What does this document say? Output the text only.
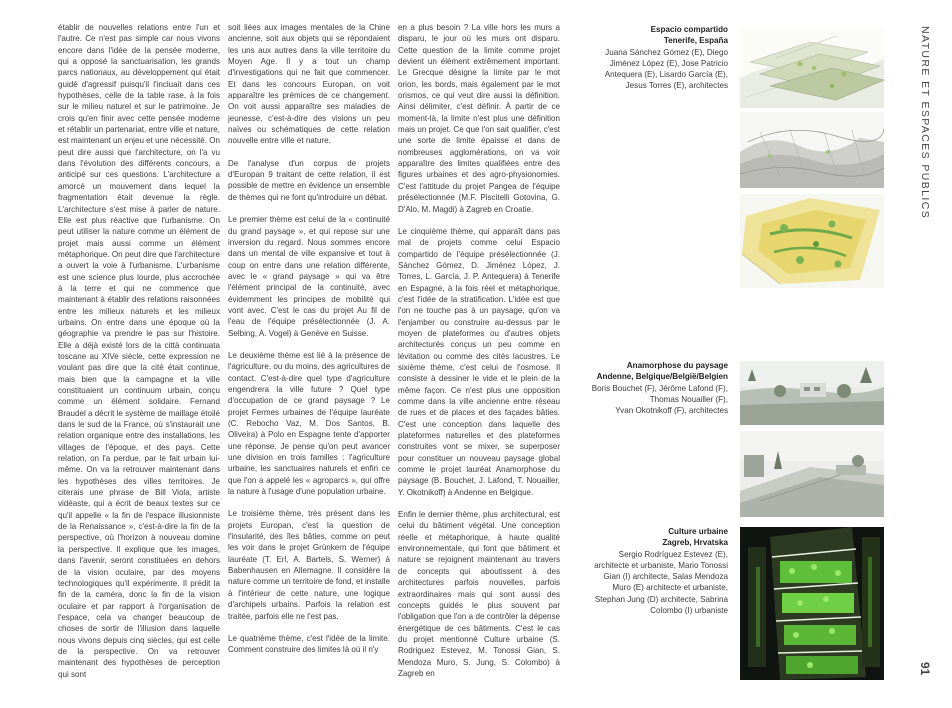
établir de nouvelles relations entre l'un et l'autre. Ce n'est pas simple car nous vivons encore dans l'idée de la pensée moderne, qui a opposé la sanctuarisation, les grands parcs nationaux, au développement qui était guidé d'agressif puisqu'il l'incluait dans ces hypothèses, celle de la table rase, à la fois sur le milieu naturel et sur le patrimoine. Je crois qu'en finir avec cette pensée moderne et rétablir un partenariat, entre ville et nature, est maintenant un enjeu et une nécessité. On peut dire aussi que l'architecture, on l'a vu dans l'évolution des différents concours, a anticipé sur ces questions. L'architecture a amorcé un mouvement dans lequel la fragmentation était devenue la règle. L'architecture s'est mise à parler de nature. Elle est plus réactive que l'urbanisme. On peut utiliser la nature comme un élément de projet mais aussi comme un élément métaphorique. On peut dire que l'architecture a ouvert la voie à l'urbanisme. L'urbanisme est une science plus lourde, plus accrochée à la terre et qui ne commence que maintenant à établir des relations raisonnées entre les milieux naturels et les milieux urbains. On entre dans une époque où la géographie va prendre le pas sur l'histoire. Elle a déjà existé lors de la città continuata toscane au XIVe siècle, cette expression ne voulant pas dire que la cité était continue, mais bien que la campagne et la ville constituaient un continuum urbain, conçu comme un élément solidaire. Fernand Braudel a décrit le système de maillage étoilé dans le sud de la France, où s'instaurait une relation organique entre des installations, les villages de l'époque, et des pays. Cette relation, on l'a perdue, par le fait urbain lui-même. On va la retrouver maintenant dans les hypothèses des villes territoires. Je citerais une phrase de Bill Viola, artiste vidéaste, qui a écrit de beaux textes sur ce qu'il appelle « la fin de l'espace illusionniste de la Renaissance », c'est-à-dire la fin de la perspective, où l'horizon à nouveau domine la perspective. Il explique que les images, dans l'avenir, seront constituées en dehors de la vision oculaire, par des moyens technologiques qu'il expérimente. Il prédit la fin de la caméra, donc la fin de la vision oculaire et par rapport à l'organisation de l'espace, cela va changer beaucoup de choses de sortir de l'illusion dans laquelle nous vivons depuis cinq siècles, qui est celle de la perspective. On va retrouver maintenant des hypothèses de perception qui sont

soit liées aux images mentales de la Chine ancienne, soit aux objets qui se répondaient les uns aux autres dans la ville territoire du Moyen Age. Il y a tout un champ d'investigations qui ne fait que commencer. Et dans les concours Europan, on voit apparaître les prémices de ce changement. On voit aussi apparaître ses maladies de jeunesse, c'est-à-dire des visions un peu naïves ou schématiques de cette relation nouvelle entre ville et nature.

De l'analyse d'un corpus de projets d'Europan 9 traitant de cette relation, il est possible de mettre en évidence un ensemble de thèmes qui ne font qu'introduire un débat.

Le premier thème est celui de la « continuité du grand paysage », et qui repose sur une inversion du regard. Nous sommes encore dans un mental de ville expansive et tout à coup on entre dans une relation différente, avec le « grand paysage » qui va être l'élément principal de la continuité, avec évidemment les principes de mobilité qui vont avec. C'est le cas du projet Au fil de l'eau de l'équipe présélectionnée (J. A. Selbing, A. Vogel) à Genève en Suisse.

Le deuxième thème est lié à la présence de l'agriculture, ou du moins, des agricultures de contact. C'est-à-dire quel type d'agriculture engendrera la ville future ? Quel type d'occupation de ce grand paysage ? Le projet Fermes urbaines de l'équipe lauréate (C. Rebocho Vaz, M. Dos Santos, B. Oliveira) à Polo en Espagne tente d'apporter une réponse. Je pense qu'on peut avancer une division en trois familles : l'agriculture urbaine, les sanctuaires naturels et enfin ce que l'on a appelé les « agroparcs », qui offre la nature à l'usage d'une population urbaine.

Le troisième thème, très présent dans les projets Europan, c'est la question de l'insularité, des îles bâties, comme on peut les voir dans le projet Grünkern de l'équipe lauréate (T. Erl, A. Bartels, S. Werner) à Babenhausen en Allemagne. Il considère la nature comme un territoire de fond, et installe à l'intérieur de cette nature, une logique d'archipels urbains. Parfois la relation est traitée, parfois elle ne l'est pas.

Le quatrième thème, c'est l'idée de la limite. Comment construire des limites là où il n'y

en a plus besoin ? La ville hors les murs a disparu, le jour où les murs ont disparu. Cette question de la limite comme projet devient un élément extrêmement important. Le Grecque désigne la limite par le mot orion, les bords, mais également par le mot orismos, ce qui veut dire aussi la définition. Ainsi délimiter, c'est définir. À partir de ce moment-là, la limite n'est plus une définition mais un projet. Ce que l'on sait qualifier, c'est une sorte de limite épaisse et dans de nombreuses agglomérations, on va voir apparaître des limites qualifiées entre des figures urbaines et des agro-physionomies. C'est l'attitude du projet Pangea de l'équipe présélectionnée (M.F. Piscitelli Gotovina, G. D'Alo, M. Magdi) à Zagreb en Croatie.

Le cinquième thème, qui apparaît dans pas mal de projets comme celui Espacio compartido de l'équipe présélectionnée (J. Sánchez Gómez, D. Jiménez López, J. Torres, L. García, J. P. Antequera) à Tenerife en Espagne, à la fois réel et métaphorique, c'est l'idée de la stratification. L'idée est que l'on ne touche pas à un paysage, qu'on va l'enjamber ou construire au-dessus par le moyen de plateformes ou d'autres objets architecturés conçus un peu comme en lévitation ou comme des cités lacustres. Le sixième thème, c'est celui de l'osmose. Il consiste à dessiner le vide et le plein de la même façon. Ce n'est plus une opposition comme dans la ville ancienne entre réseau de rues et de places et des façades bâties. C'est une conception dans laquelle des plateformes naturelles et des plateformes construites vont se mixer, se superposer pour constituer un nouveau paysage global comme le projet lauréat Anamorphose du paysage (B. Bouchet, J. Lafond, T. Nouailler, Y. Okotnikoff) à Andenne en Belgique.

Enfin le dernier thème, plus architectural, est celui du bâtiment végétal. Une conception réelle et métaphorique, à haute qualité environnementale, qui font que bâtiment et nature se rejoignent maintenant au travers de concepts qui aboutissent à des architectures parfois nouvelles, parfois extraordinaires mais qui sont aussi des concepts guidés le plus souvent par l'obligation que l'on a de contrôler la dépense énergétique de ces bâtiments. C'est le cas du projet mentionné Culture urbaine (S. Rodriguez Estevez, M. Tonossi Gian, S. Mendoza Muro, S. Jung, S. Colombo) à Zagreb en

Espacio compartido
Tenerife, España
Juana Sánchez Gómez (E), Diego
Jiménez López (E), Jose Patricio
Antequera (E), Lisardo García (E),
Jesus Torres (E), architectes
Anamorphose du paysage
Andenne, Belgique/België/Belgien
Boris Bouchet (F), Jérôme Lafond (F),
Thomas Nouailler (F),
Yvan Okotnikoff (F), architectes
Culture urbaine
Zagreb, Hrvatska
Sergio Rodríguez Estevez (E),
architecte et urbaniste, Mario Tonossi
Gian (I) architecte, Salas Mendoza
Muro (E) architecte et urbaniste,
Stephan Jung (D) architecte, Sabrina
Colombo (I) urbaniste
NATURE ET ESPACES PUBLICS
91
